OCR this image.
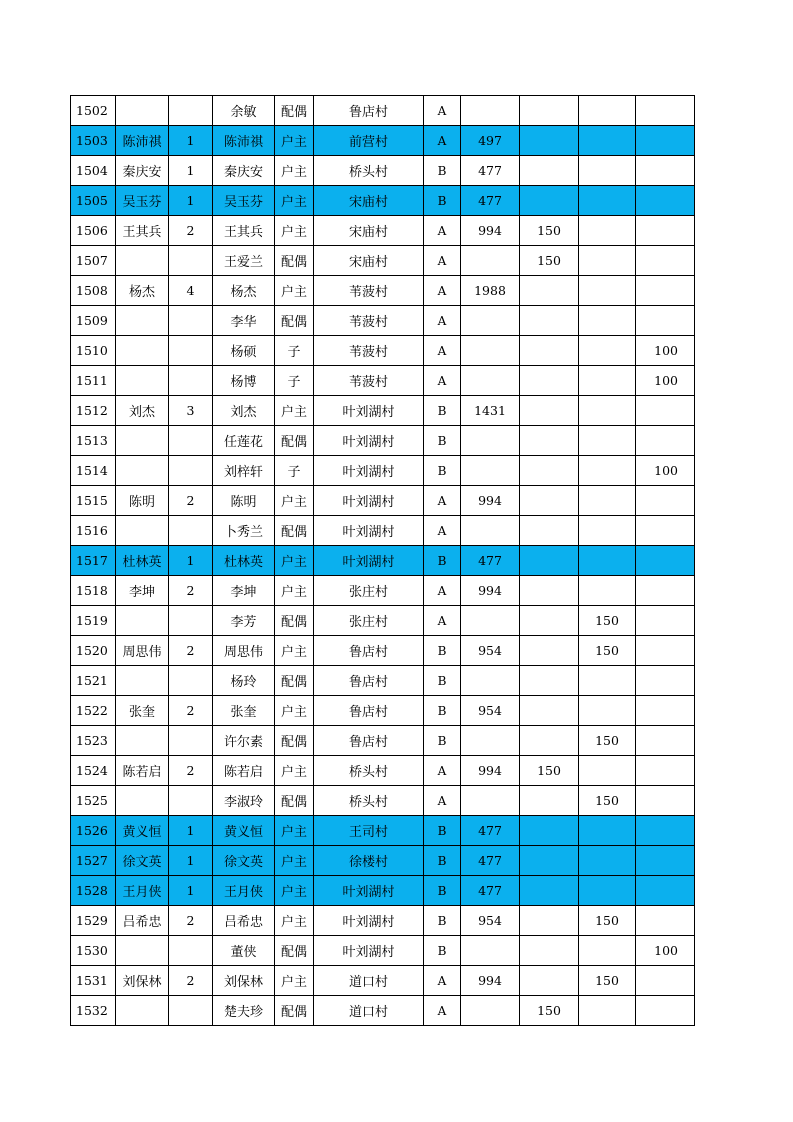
1502			余敏	配偶	鲁店村	A				
1503	陈沛祺	1	陈沛祺	户主	前营村	A	497			
1504	秦庆安	1	秦庆安	户主	桥头村	B	477			
1505	吴玉芬	1	吴玉芬	户主	宋庙村	B	477			
1506	王其兵	2	王其兵	户主	宋庙村	A	994	150		
1507			王爱兰	配偶	宋庙村	A		150		
1508	杨杰	4	杨杰	户主	苇菠村	A	1988			
1509			李华	配偶	苇菠村	A				
1510			杨硕	子	苇菠村	A				100
1511			杨博	子	苇菠村	A				100
1512	刘杰	3	刘杰	户主	叶刘湖村	B	1431			
1513			任莲花	配偶	叶刘湖村	B				
1514			刘梓轩	子	叶刘湖村	B				100
1515	陈明	2	陈明	户主	叶刘湖村	A	994			
1516			卜秀兰	配偶	叶刘湖村	A				
1517	杜林英	1	杜林英	户主	叶刘湖村	B	477			
1518	李坤	2	李坤	户主	张庄村	A	994			
1519			李芳	配偶	张庄村	A			150	
1520	周思伟	2	周思伟	户主	鲁店村	B	954		150	
1521			杨玲	配偶	鲁店村	B				
1522	张奎	2	张奎	户主	鲁店村	B	954			
1523			许尔素	配偶	鲁店村	B			150	
1524	陈若启	2	陈若启	户主	桥头村	A	994	150		
1525			李淑玲	配偶	桥头村	A			150	
1526	黄义恒	1	黄义恒	户主	王司村	B	477			
1527	徐文英	1	徐文英	户主	徐楼村	B	477			
1528	王月侠	1	王月侠	户主	叶刘湖村	B	477			
1529	吕希忠	2	吕希忠	户主	叶刘湖村	B	954		150	
1530			董侠	配偶	叶刘湖村	B				100
1531	刘保林	2	刘保林	户主	道口村	A	994		150	
1532			楚夫珍	配偶	道口村	A		150		
